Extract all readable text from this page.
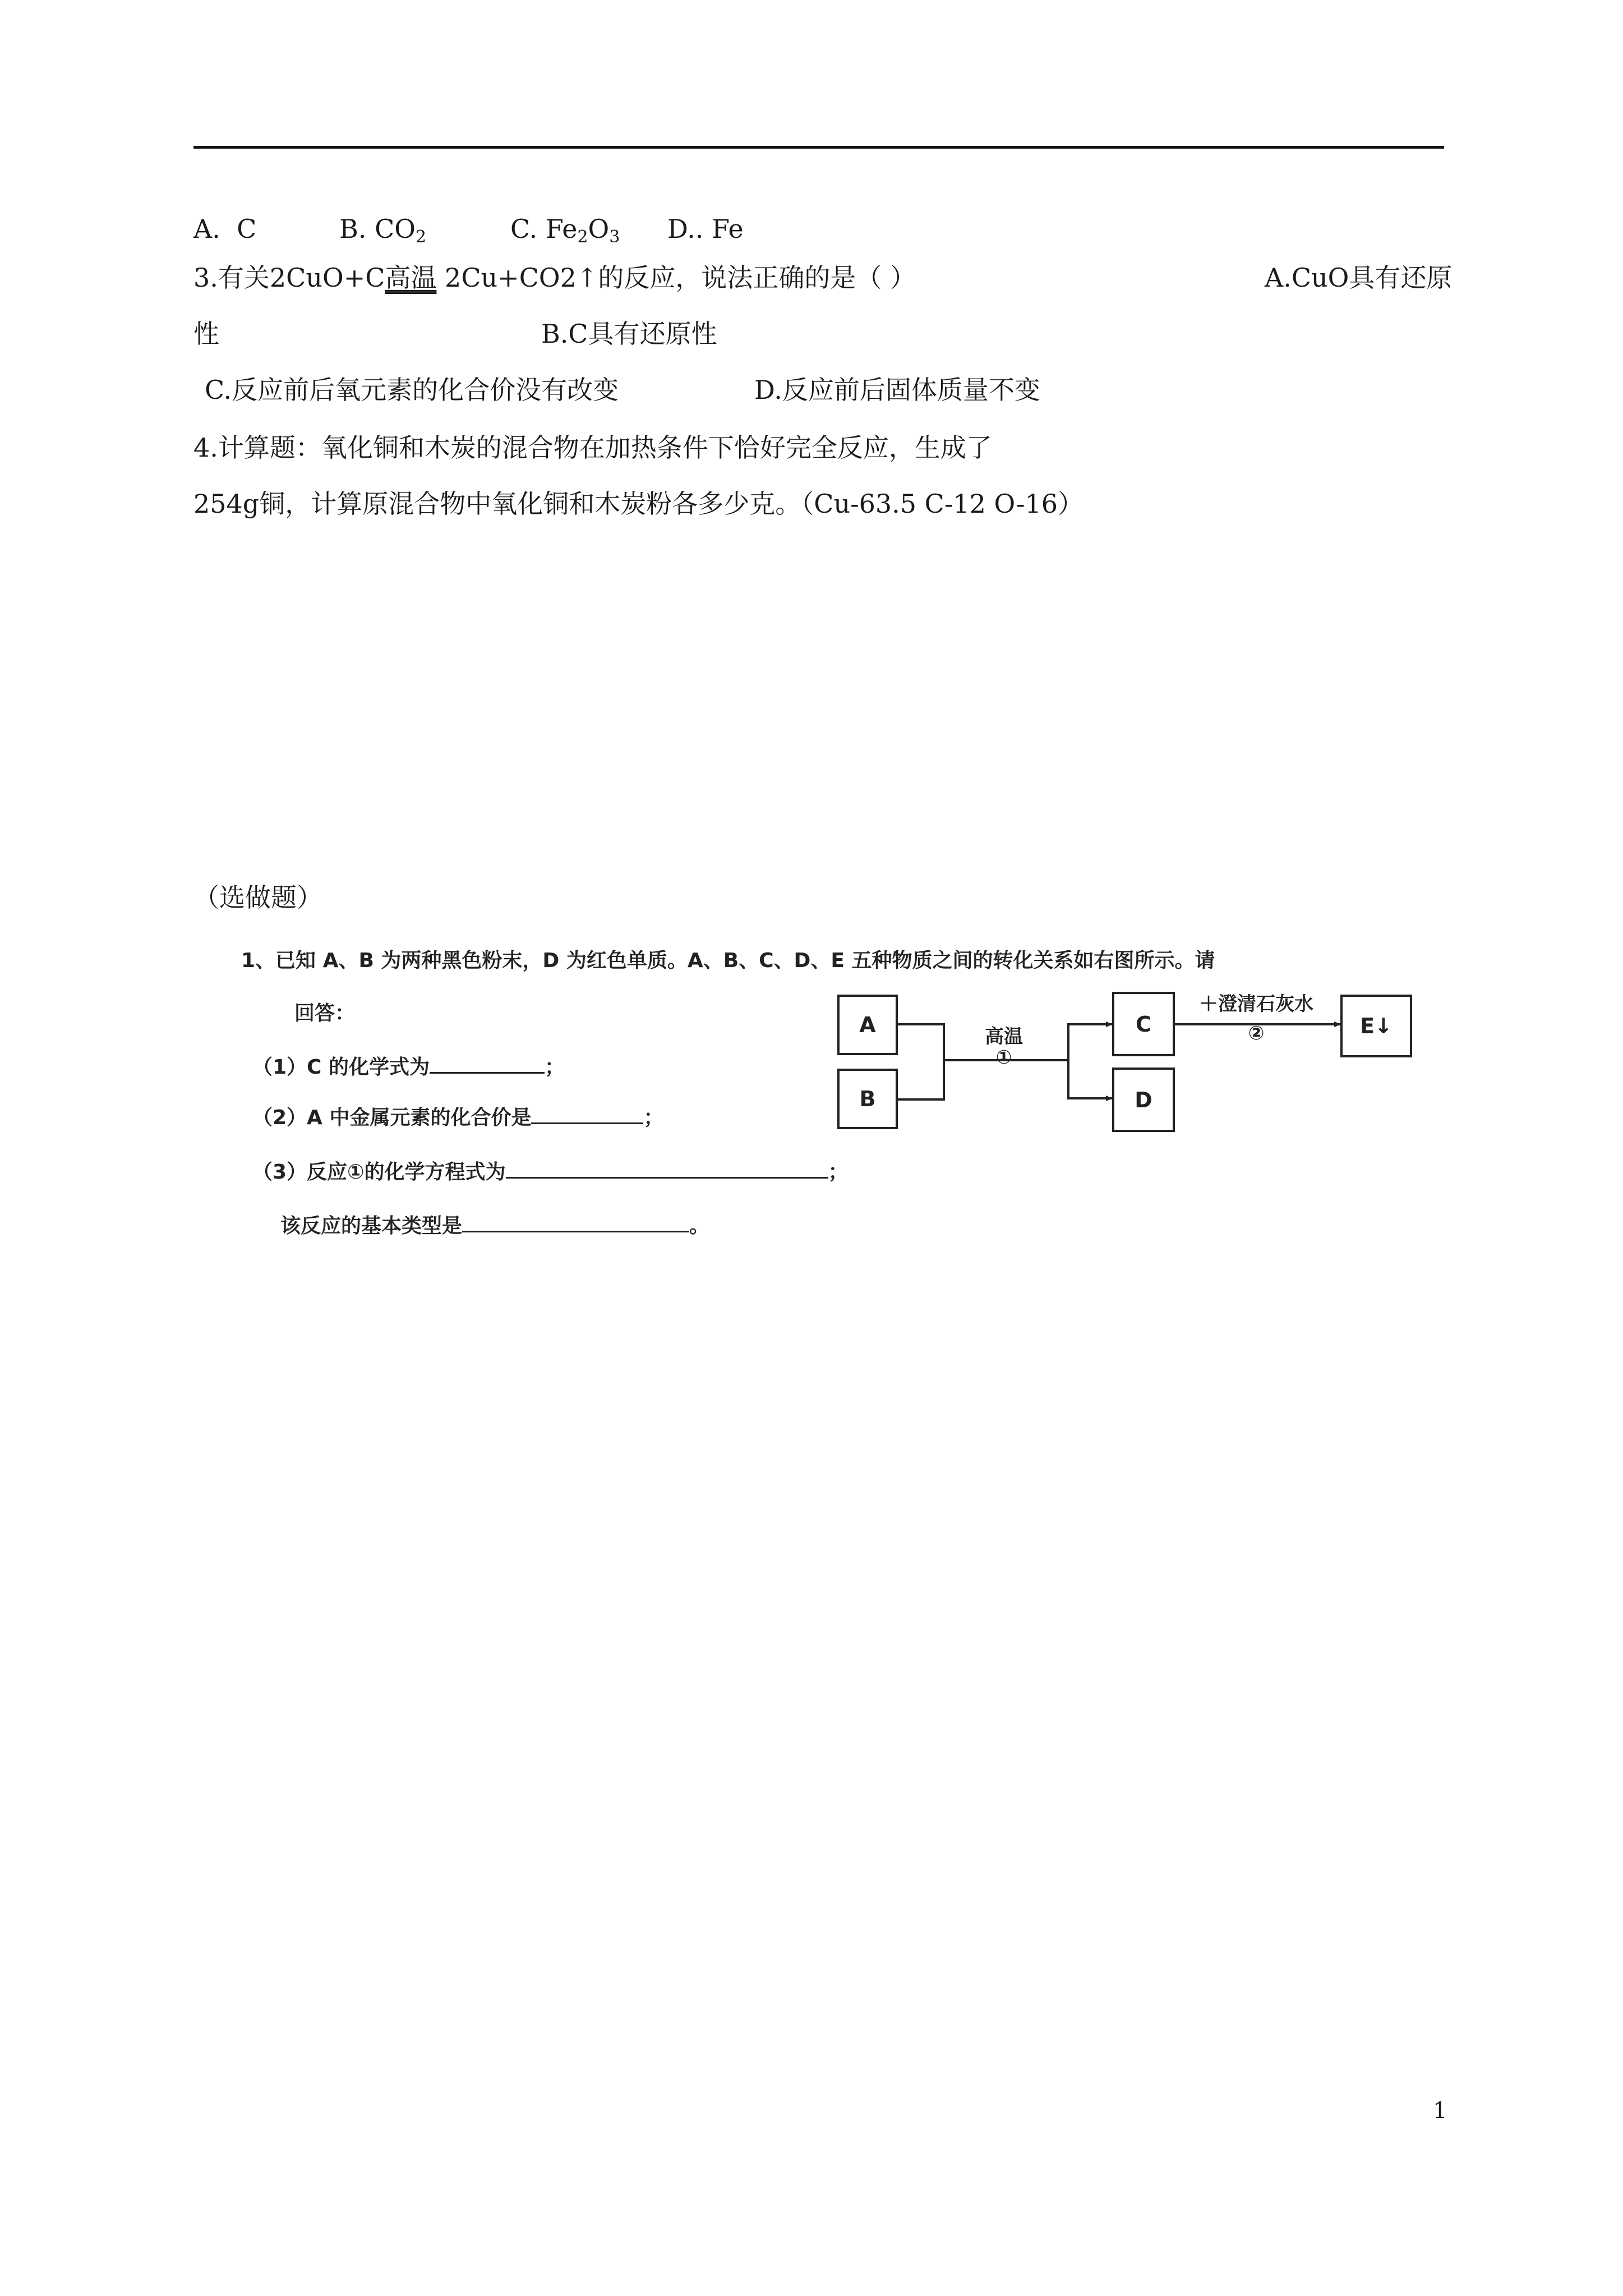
A. C	B. $CO_2$	C. $Fe_2O_3$ D.. Fe
3.有关2CuO+C高温 2Cu+CO2↑的反应，说法正确的是（ ）	A.CuO具有还原
性	B.C具有还原性
C.反应前后氧元素的化合价没有改变	D.反应前后固体质量不变
4.计算题：氧化铜和木炭的混合物在加热条件下恰好完全反应，生成了
254g铜，计算原混合物中氧化铜和木炭粉各多少克。（Cu-63.5 C-12 O-16）
（选做题）
1、已知 A、B 为两种黑色粉末，D 为红色单质。A、B、C、D、E 五种物质之间的转化关系如右图所示。请
回答：
（1）C 的化学式为	；
（2）A 中金属元素的化合价是	；
（3）反应①的化学方程式为	；
该反应的基本类型是	。
A
B
C
D
E↓
高温
①
＋澄清石灰水
②
1
